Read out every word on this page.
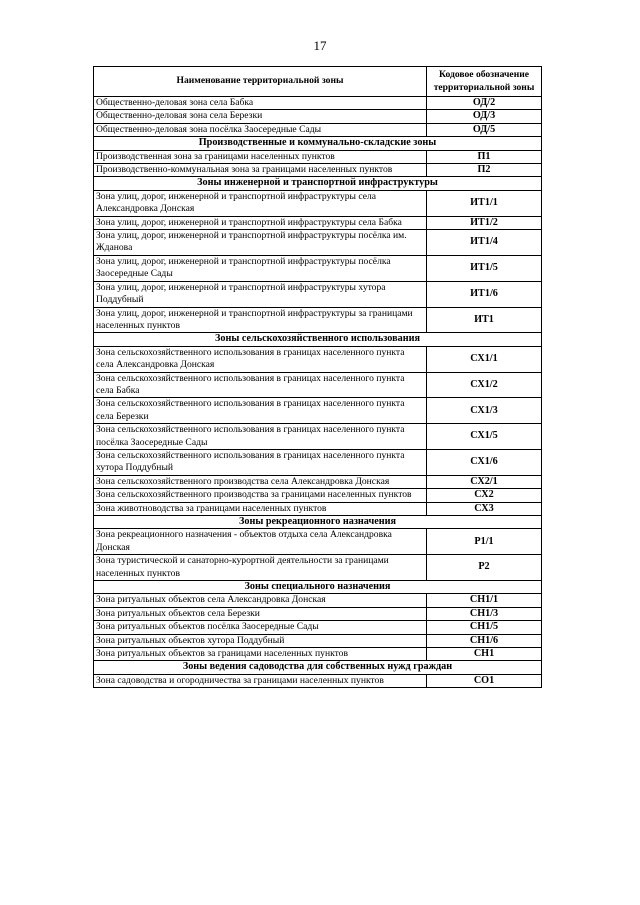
17
Наименование территориальной зоны	Кодовое обозначение территориальной зоны
Общественно-деловая зона села Бабка	ОД/2
Общественно-деловая зона села Березки	ОД/3
Общественно-деловая зона посёлка Заосередные Сады	ОД/5
Производственные и коммунально-складские зоны	
Производственная зона за границами населенных пунктов	П1
Производственно-коммунальная зона за границами населенных пунктов	П2
Зоны инженерной и транспортной инфраструктуры	
Зона улиц, дорог, инженерной и транспортной инфраструктуры села Александровка Донская	ИТ1/1
Зона улиц, дорог, инженерной и транспортной инфраструктуры села Бабка	ИТ1/2
Зона улиц, дорог, инженерной и транспортной инфраструктуры посёлка им. Жданова	ИТ1/4
Зона улиц, дорог, инженерной и транспортной инфраструктуры посёлка Заосередные Сады	ИТ1/5
Зона улиц, дорог, инженерной и транспортной инфраструктуры хутора Поддубный	ИТ1/6
Зона улиц, дорог, инженерной и транспортной инфраструктуры за границами населенных пунктов	ИТ1
Зоны сельскохозяйственного использования	
Зона сельскохозяйственного использования в границах населенного пункта села Александровка Донская	СХ1/1
Зона сельскохозяйственного использования в границах населенного пункта села Бабка	СХ1/2
Зона сельскохозяйственного использования в границах населенного пункта села Березки	СХ1/3
Зона сельскохозяйственного использования в границах населенного пункта посёлка Заосередные Сады	СХ1/5
Зона сельскохозяйственного использования в границах населенного пункта хутора Поддубный	СХ1/6
Зона сельскохозяйственного производства села Александровка Донская	СХ2/1
Зона сельскохозяйственного производства за границами населенных пунктов	СХ2
Зона животноводства за границами населенных пунктов	СХ3
Зоны рекреационного назначения	
Зона рекреационного назначения - объектов отдыха села Александровка Донская	Р1/1
Зона туристической и санаторно-курортной деятельности за границами населенных пунктов	Р2
Зоны специального назначения	
Зона ритуальных объектов села Александровка Донская	СН1/1
Зона ритуальных объектов села Березки	СН1/3
Зона ритуальных объектов посёлка Заосередные Сады	СН1/5
Зона ритуальных объектов хутора Поддубный	СН1/6
Зона ритуальных объектов за границами населенных пунктов	СН1
Зоны ведения садоводства для собственных нужд граждан	
Зона садоводства и огородничества за границами населенных пунктов	СО1
